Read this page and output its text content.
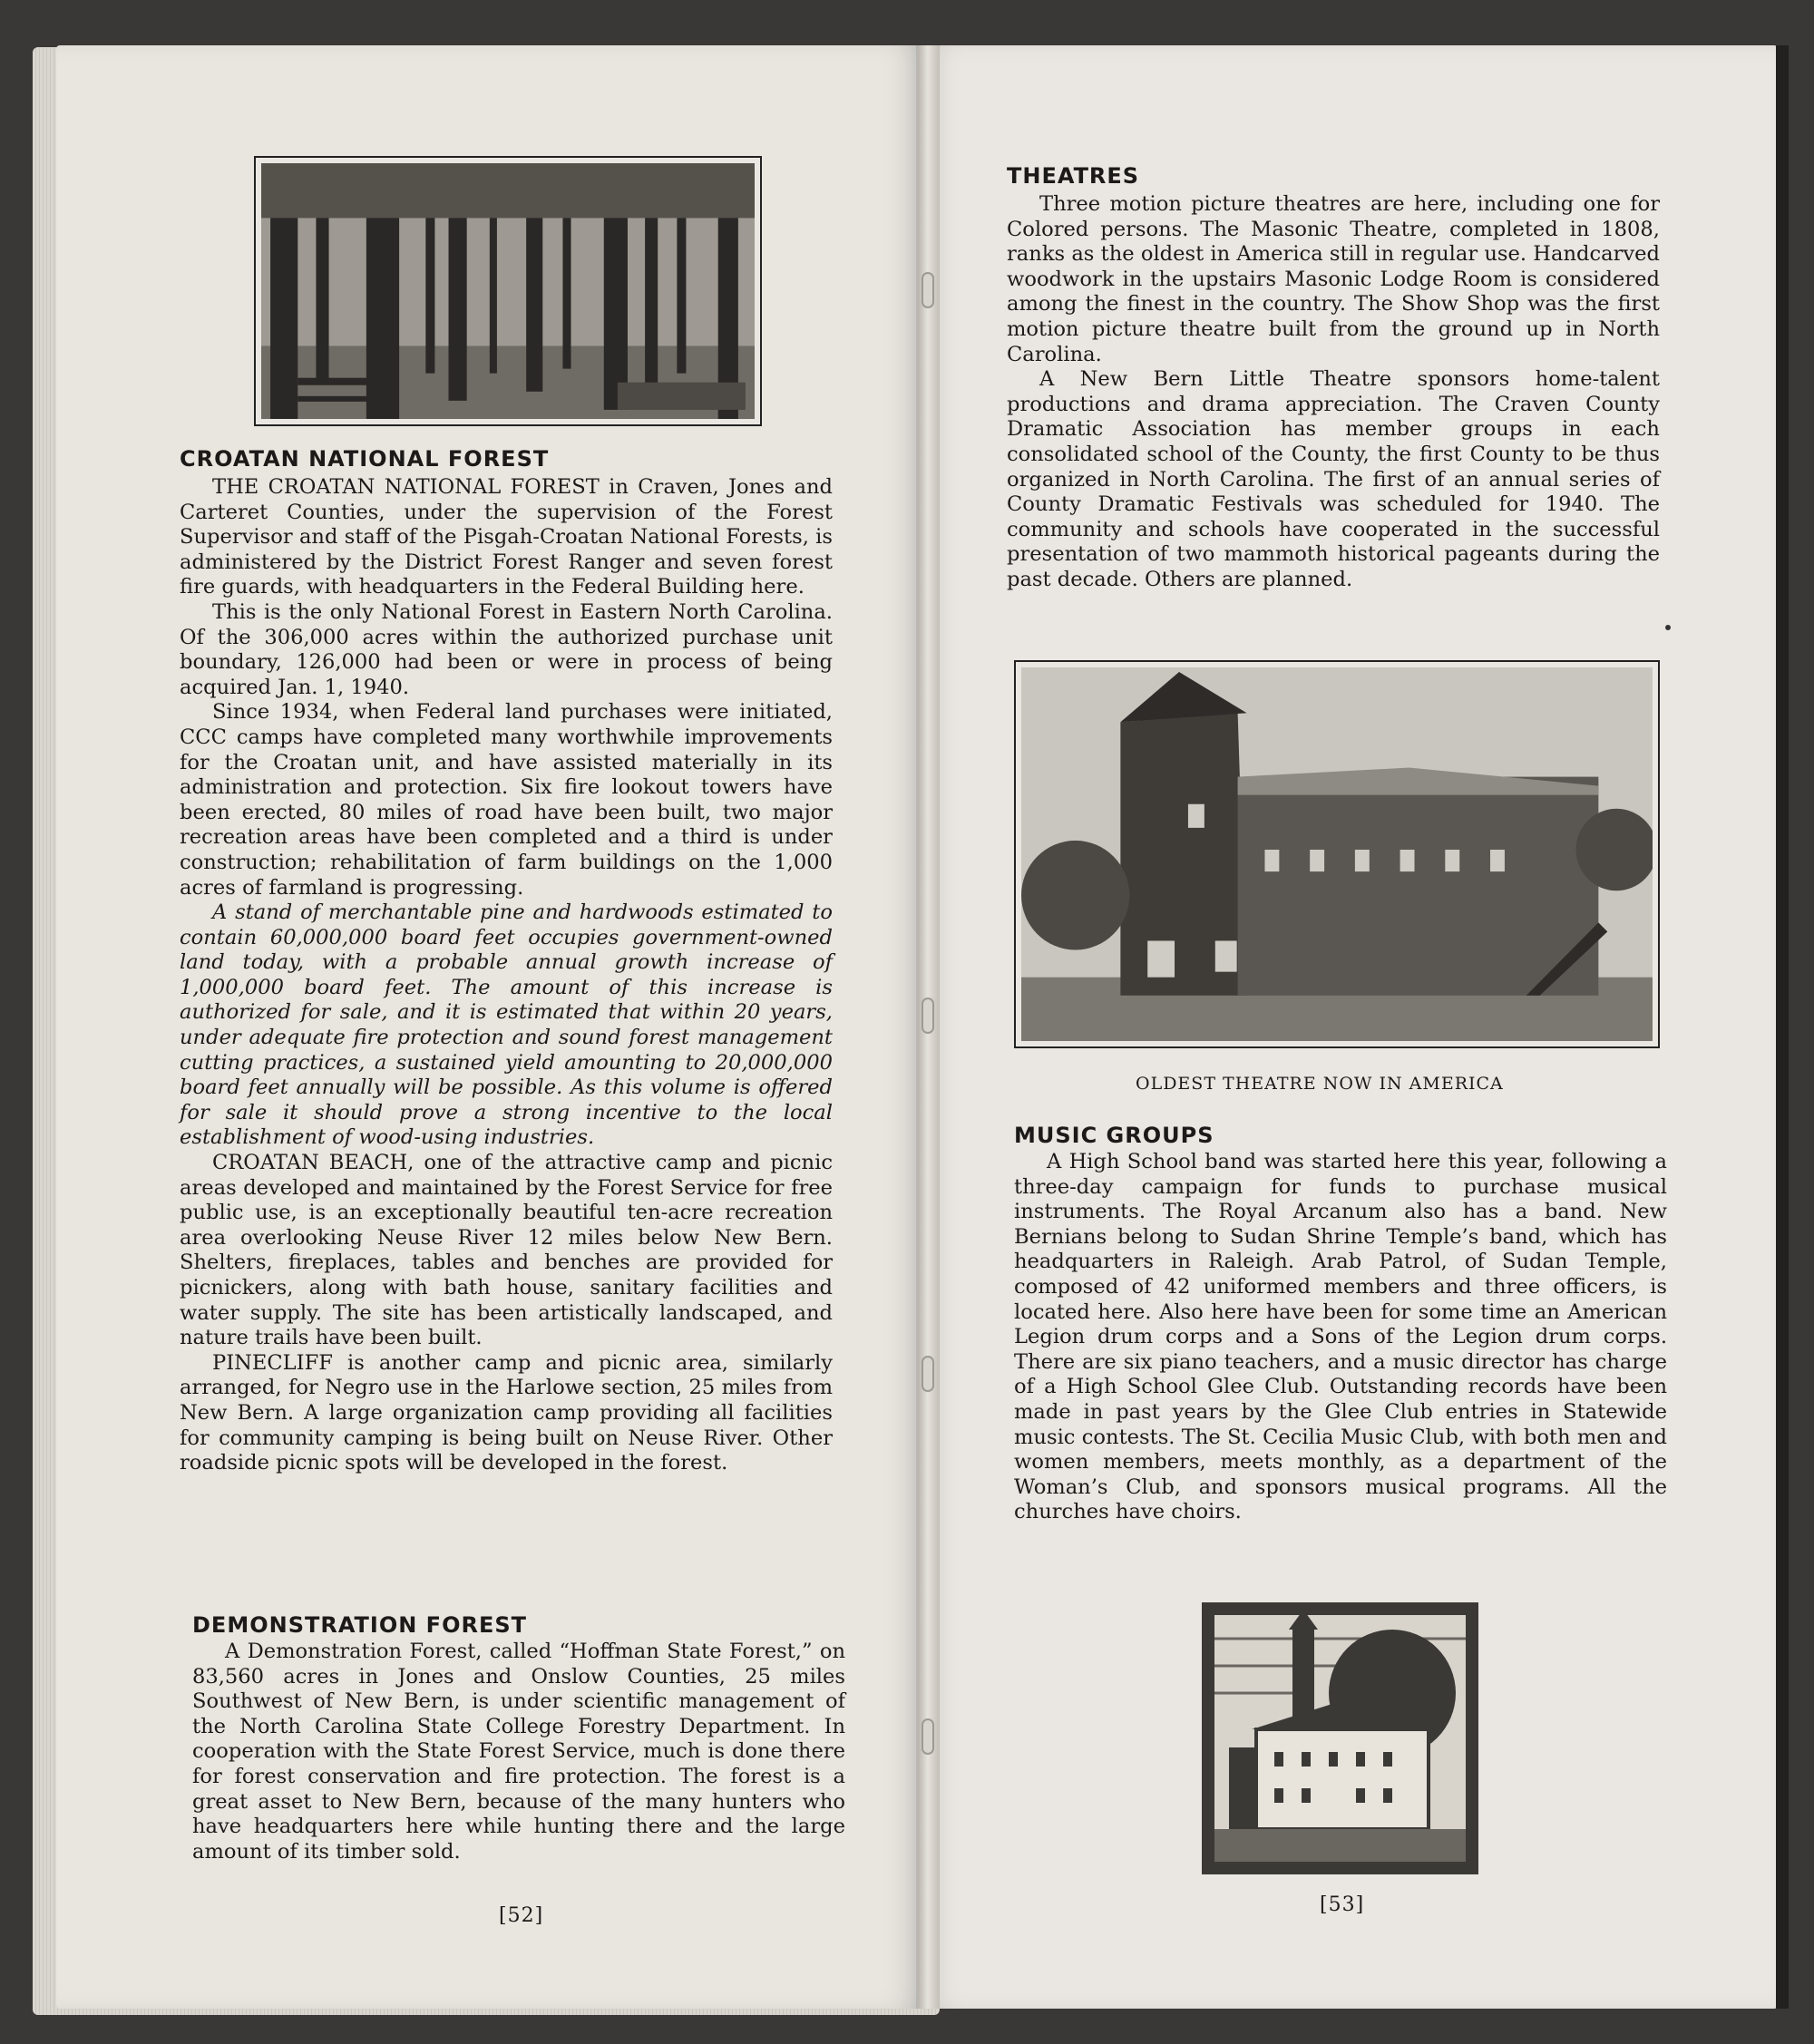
CROATAN NATIONAL FOREST

THE CROATAN NATIONAL FOREST in Craven, Jones and Carteret Counties, under the supervision of the Forest Supervisor and staff of the Pisgah-Croatan National Forests, is administered by the District Forest Ranger and seven forest fire guards, with headquarters in the Federal Building here.

This is the only National Forest in Eastern North Carolina. Of the 306,000 acres within the authorized purchase unit boundary, 126,000 had been or were in process of being acquired Jan. 1, 1940.

Since 1934, when Federal land purchases were initiated, CCC camps have completed many worthwhile improvements for the Croatan unit, and have assisted materially in its administration and protection. Six fire lookout towers have been erected, 80 miles of road have been built, two major recreation areas have been completed and a third is under construction; rehabilitation of farm buildings on the 1,000 acres of farmland is progressing.

A stand of merchantable pine and hardwoods estimated to contain 60,000,000 board feet occupies government-owned land today, with a probable annual growth increase of 1,000,000 board feet. The amount of this increase is authorized for sale, and it is estimated that within 20 years, under adequate fire protection and sound forest management cutting practices, a sustained yield amounting to 20,000,000 board feet annually will be possible. As this volume is offered for sale it should prove a strong incentive to the local establishment of wood-using industries.

CROATAN BEACH, one of the attractive camp and picnic areas developed and maintained by the Forest Service for free public use, is an exceptionally beautiful ten-acre recreation area overlooking Neuse River 12 miles below New Bern. Shelters, fireplaces, tables and benches are provided for picnickers, along with bath house, sanitary facilities and water supply. The site has been artistically landscaped, and nature trails have been built.

PINECLIFF is another camp and picnic area, similarly arranged, for Negro use in the Harlowe section, 25 miles from New Bern. A large organization camp providing all facilities for community camping is being built on Neuse River. Other roadside picnic spots will be developed in the forest.

DEMONSTRATION FOREST

A Demonstration Forest, called “Hoffman State Forest,” on 83,560 acres in Jones and Onslow Counties, 25 miles Southwest of New Bern, is under scientific management of the North Carolina State College Forestry Department. In cooperation with the State Forest Service, much is done there for forest conservation and fire protection. The forest is a great asset to New Bern, because of the many hunters who have headquarters here while hunting there and the large amount of its timber sold.

[52]
THEATRES

Three motion picture theatres are here, including one for Colored persons. The Masonic Theatre, completed in 1808, ranks as the oldest in America still in regular use. Handcarved woodwork in the upstairs Masonic Lodge Room is considered among the finest in the country. The Show Shop was the first motion picture theatre built from the ground up in North Carolina.

A New Bern Little Theatre sponsors home-talent productions and drama appreciation. The Craven County Dramatic Association has member groups in each consolidated school of the County, the first County to be thus organized in North Carolina. The first of an annual series of County Dramatic Festivals was scheduled for 1940. The community and schools have cooperated in the successful presentation of two mammoth historical pageants during the past decade. Others are planned.

OLDEST THEATRE NOW IN AMERICA
MUSIC GROUPS

A High School band was started here this year, following a three-day campaign for funds to purchase musical instruments. The Royal Arcanum also has a band. New Bernians belong to Sudan Shrine Temple’s band, which has headquarters in Raleigh. Arab Patrol, of Sudan Temple, composed of 42 uniformed members and three officers, is located here. Also here have been for some time an American Legion drum corps and a Sons of the Legion drum corps. There are six piano teachers, and a music director has charge of a High School Glee Club. Outstanding records have been made in past years by the Glee Club entries in Statewide music contests. The St. Cecilia Music Club, with both men and women members, meets monthly, as a department of the Woman’s Club, and sponsors musical programs. All the churches have choirs.

[53]
